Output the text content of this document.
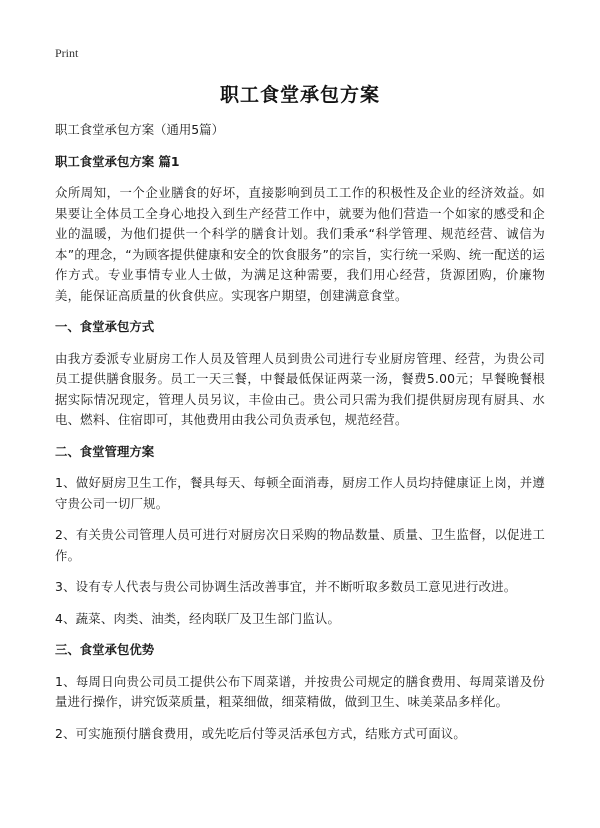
Print
职工食堂承包方案

职工食堂承包方案（通用5篇）

职工食堂承包方案 篇1

众所周知，一个企业膳食的好坏，直接影响到员工工作的积极性及企业的经济效益。如果要让全体员工全身心地投入到生产经营工作中，就要为他们营造一个如家的感受和企业的温暖，为他们提供一个科学的膳食计划。我们秉承“科学管理、规范经营、诚信为本”的理念，“为顾客提供健康和安全的饮食服务”的宗旨，实行统一采购、统一配送的运作方式。专业事情专业人士做，为满足这种需要，我们用心经营，货源团购，价廉物美，能保证高质量的伙食供应。实现客户期望，创建满意食堂。

一、食堂承包方式

由我方委派专业厨房工作人员及管理人员到贵公司进行专业厨房管理、经营，为贵公司员工提供膳食服务。员工一天三餐，中餐最低保证两菜一汤，餐费5.00元；早餐晚餐根据实际情况现定，管理人员另议，丰俭由己。贵公司只需为我们提供厨房现有厨具、水电、燃料、住宿即可，其他费用由我公司负责承包，规范经营。

二、食堂管理方案

1、做好厨房卫生工作，餐具每天、每顿全面消毒，厨房工作人员均持健康证上岗，并遵守贵公司一切厂规。

2、有关贵公司管理人员可进行对厨房次日采购的物品数量、质量、卫生监督，以促进工作。

3、设有专人代表与贵公司协调生活改善事宜，并不断听取多数员工意见进行改进。

4、蔬菜、肉类、油类，经肉联厂及卫生部门监认。

三、食堂承包优势

1、每周日向贵公司员工提供公布下周菜谱，并按贵公司规定的膳食费用、每周菜谱及份量进行操作，讲究饭菜质量，粗菜细做，细菜精做，做到卫生、味美菜品多样化。

2、可实施预付膳食费用，或先吃后付等灵活承包方式，结账方式可面议。
